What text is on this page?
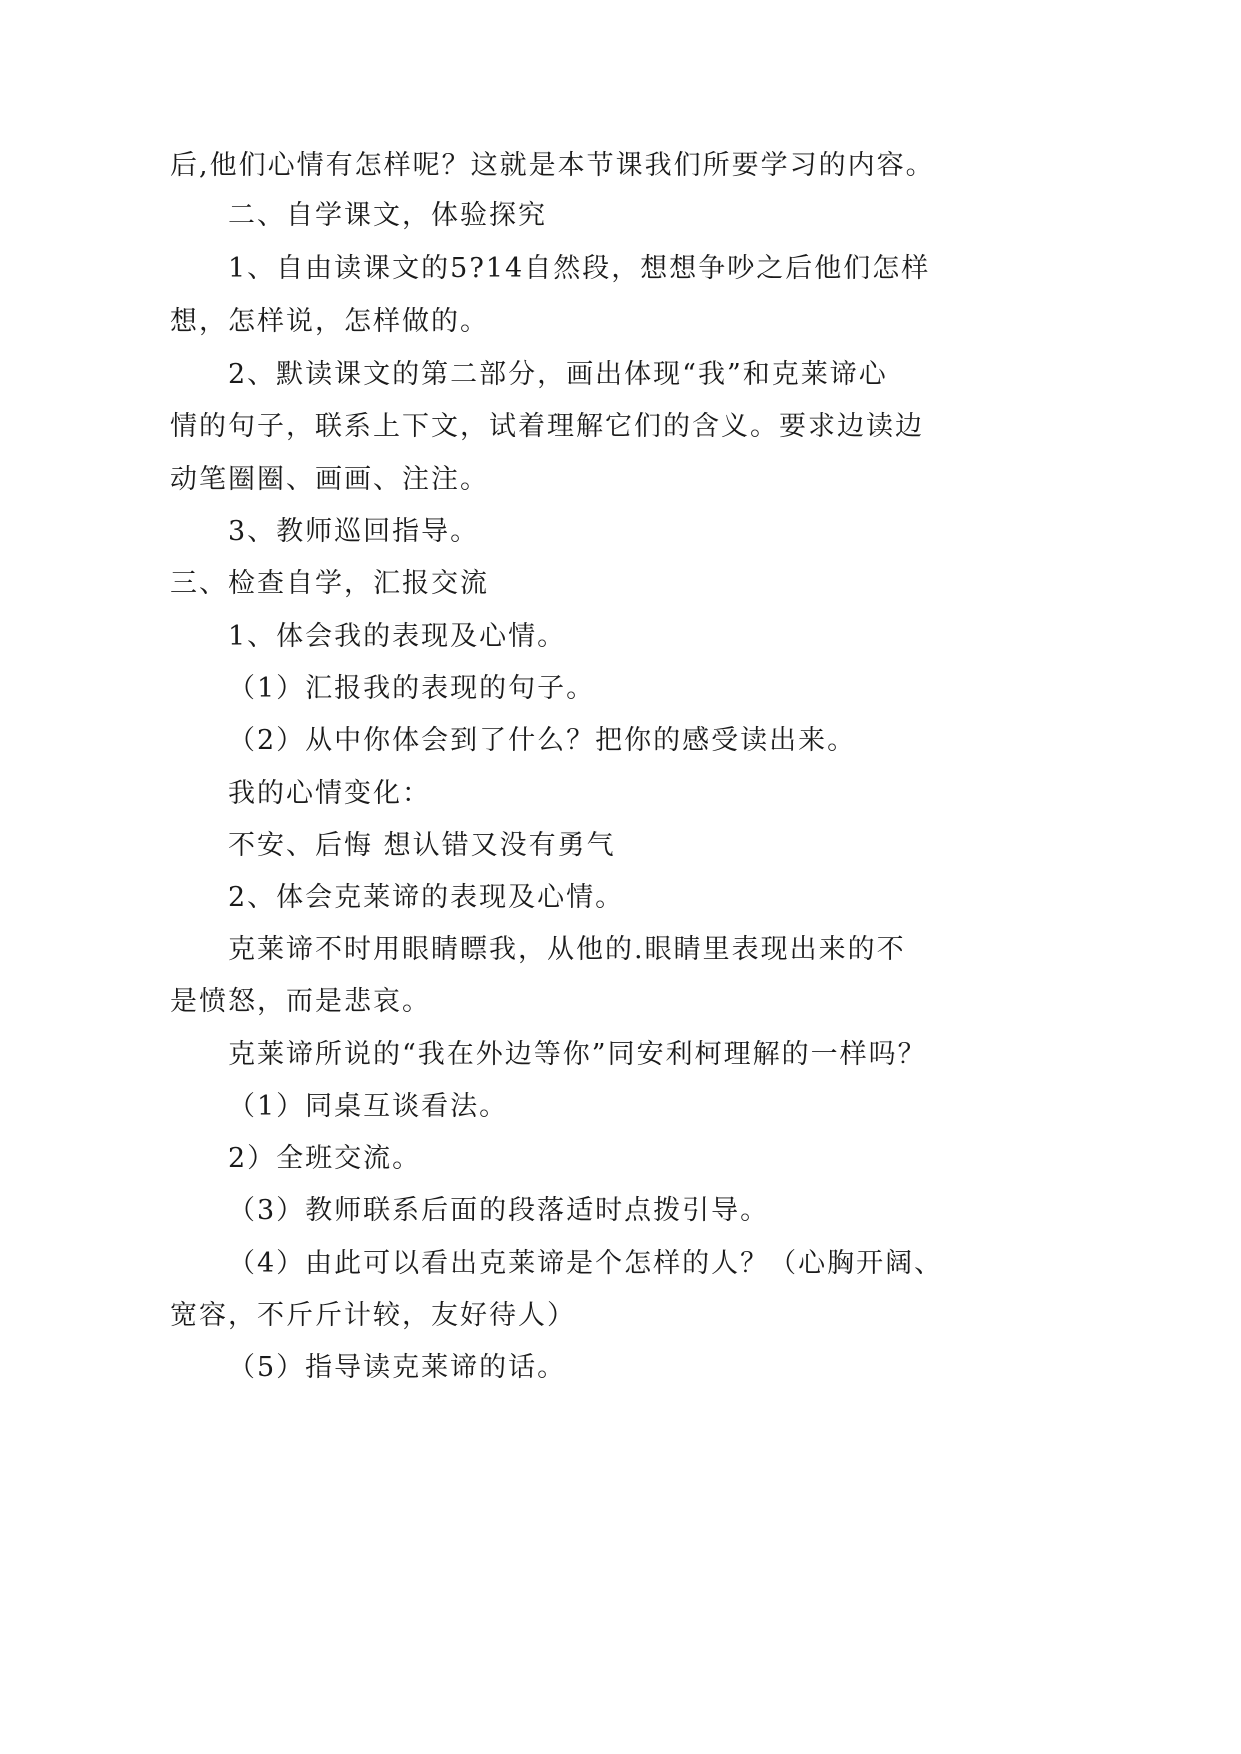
后,他们心情有怎样呢？这就是本节课我们所要学习的内容。
二、自学课文，体验探究
1、自由读课文的5?14自然段，想想争吵之后他们怎样
想，怎样说，怎样做的。
2、默读课文的第二部分，画出体现“我”和克莱谛心
情的句子，联系上下文，试着理解它们的含义。要求边读边
动笔圈圈、画画、注注。
3、教师巡回指导。
三、检查自学，汇报交流
1、体会我的表现及心情。
（1）汇报我的表现的句子。
（2）从中你体会到了什么？把你的感受读出来。
我的心情变化：
不安、后悔 想认错又没有勇气
2、体会克莱谛的表现及心情。
克莱谛不时用眼睛瞟我，从他的.眼睛里表现出来的不
是愤怒，而是悲哀。
克莱谛所说的“我在外边等你”同安利柯理解的一样吗？
（1）同桌互谈看法。
2）全班交流。
（3）教师联系后面的段落适时点拨引导。
（4）由此可以看出克莱谛是个怎样的人？（心胸开阔、
宽容，不斤斤计较，友好待人）
（5）指导读克莱谛的话。
